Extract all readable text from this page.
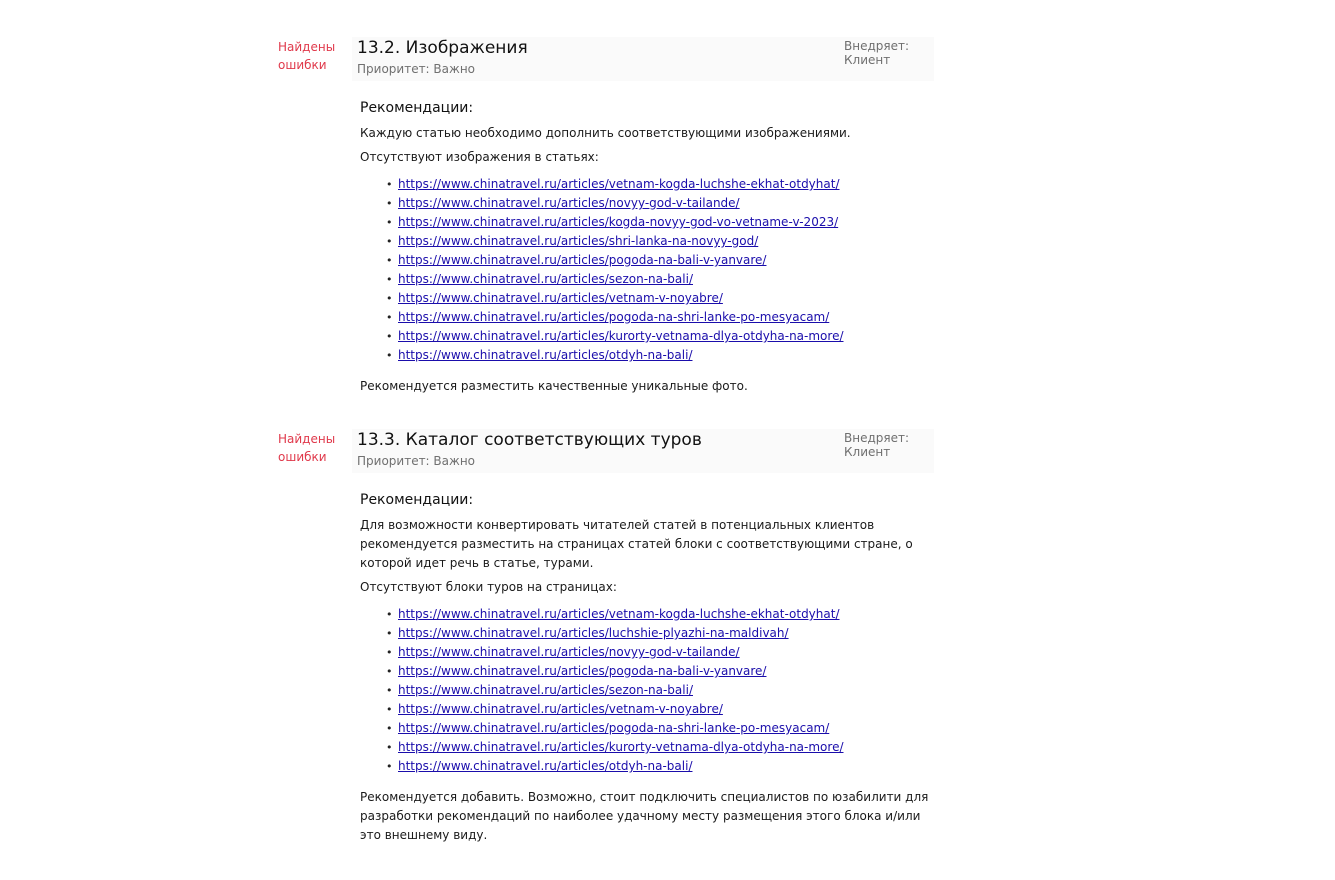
Найдены ошибки
13.2. Изображения
Приоритет: Важно
Внедряет: Клиент
Рекомендации:
Каждую статью необходимо дополнить соответствующими изображениями.
Отсутствуют изображения в статьях:
• https://www.chinatravel.ru/articles/vetnam-kogda-luchshe-ekhat-otdyhat/
• https://www.chinatravel.ru/articles/novyy-god-v-tailande/
• https://www.chinatravel.ru/articles/kogda-novyy-god-vo-vetname-v-2023/
• https://www.chinatravel.ru/articles/shri-lanka-na-novyy-god/
• https://www.chinatravel.ru/articles/pogoda-na-bali-v-yanvare/
• https://www.chinatravel.ru/articles/sezon-na-bali/
• https://www.chinatravel.ru/articles/vetnam-v-noyabre/
• https://www.chinatravel.ru/articles/pogoda-na-shri-lanke-po-mesyacam/
• https://www.chinatravel.ru/articles/kurorty-vetnama-dlya-otdyha-na-more/
• https://www.chinatravel.ru/articles/otdyh-na-bali/
Рекомендуется разместить качественные уникальные фото.
Найдены ошибки
13.3. Каталог соответствующих туров
Приоритет: Важно
Внедряет: Клиент
Рекомендации:
Для возможности конвертировать читателей статей в потенциальных клиентов рекомендуется разместить на страницах статей блоки с соответствующими стране, о которой идет речь в статье, турами.
Отсутствуют блоки туров на страницах:
• https://www.chinatravel.ru/articles/vetnam-kogda-luchshe-ekhat-otdyhat/
• https://www.chinatravel.ru/articles/luchshie-plyazhi-na-maldivah/
• https://www.chinatravel.ru/articles/novyy-god-v-tailande/
• https://www.chinatravel.ru/articles/pogoda-na-bali-v-yanvare/
• https://www.chinatravel.ru/articles/sezon-na-bali/
• https://www.chinatravel.ru/articles/vetnam-v-noyabre/
• https://www.chinatravel.ru/articles/pogoda-na-shri-lanke-po-mesyacam/
• https://www.chinatravel.ru/articles/kurorty-vetnama-dlya-otdyha-na-more/
• https://www.chinatravel.ru/articles/otdyh-na-bali/
Рекомендуется добавить. Возможно, стоит подключить специалистов по юзабилити для разработки рекомендаций по наиболее удачному месту размещения этого блока и/или это внешнему виду.
